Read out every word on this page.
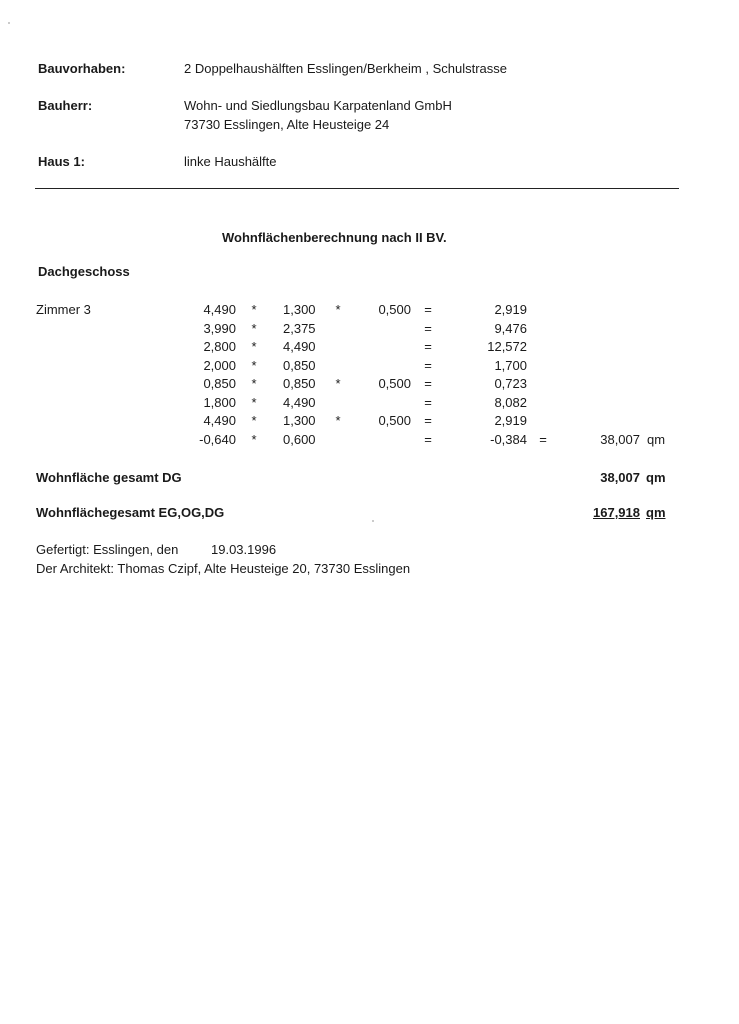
Bauvorhaben:	2 Doppelhaushälften Esslingen/Berkheim , Schulstrasse
Bauherr:	Wohn- und Siedlungsbau Karpatenland GmbH
73730 Esslingen, Alte Heusteige 24
Haus 1:	linke Haushälfte
Wohnflächenberechnung nach II BV.
Dachgeschoss
Zimmer 3	4,490	*	1,300	*	0,500	=	2,919
3,990	*	2,375	=	9,476
2,800	*	4,490	=	12,572
2,000	*	0,850	=	1,700
0,850	*	0,850	*	0,500	=	0,723
1,800	*	4,490	=	8,082
4,490	*	1,300	*	0,500	=	2,919
-0,640	*	0,600	=	-0,384 =	38,007 qm
Wohnfläche gesamt DG	38,007 qm
Wohnflächegesamt EG,OG,DG	167,918 qm
Gefertigt: Esslingen, den	19.03.1996
Der Architekt: Thomas Czipf, Alte Heusteige 20, 73730 Esslingen
